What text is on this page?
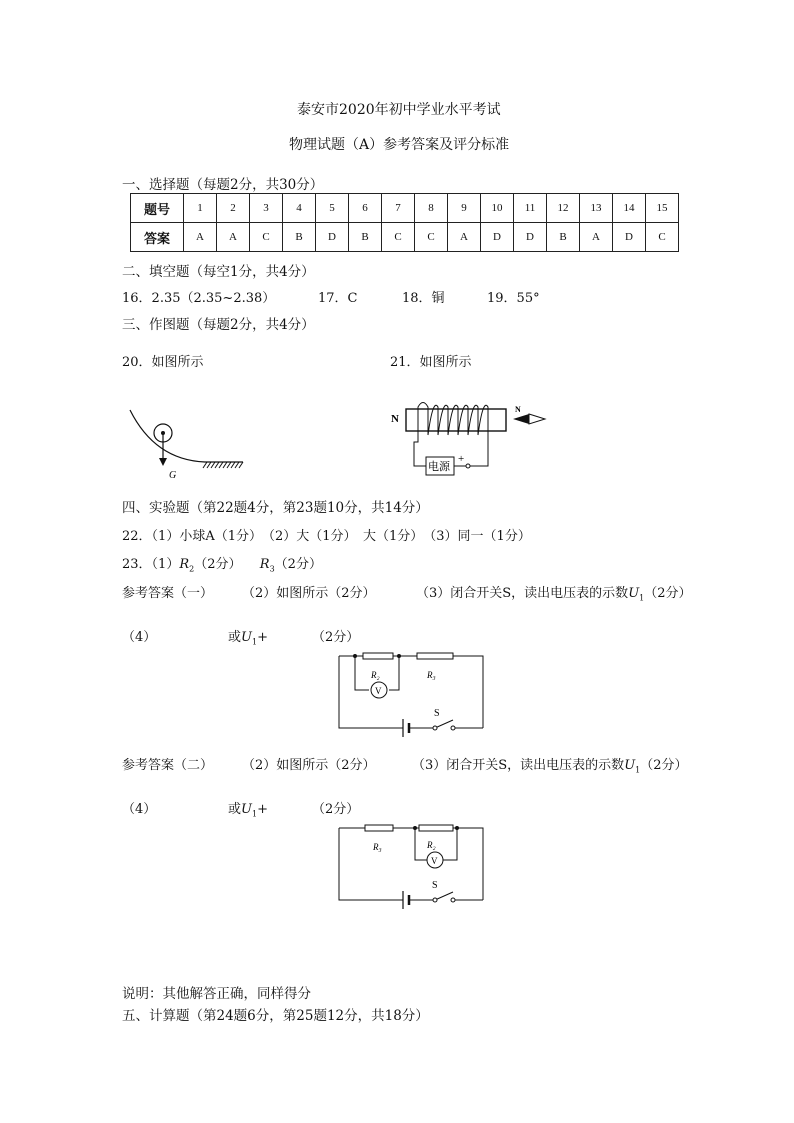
泰安市2020年初中学业水平考试
物理试题（A）参考答案及评分标准
一、选择题（每题2分，共30分）
题号	1	2	3	4	5	6	7	8	9	10	11	12	13	14	15
答案	A	A	C	B	D	B	C	C	A	D	D	B	A	D	C
二、填空题（每空1分，共4分）
16．2.35（2.35~2.38）	17．C	18．铜	19．55°
三、作图题（每题2分，共4分）
20．如图所示	21．如图所示
G
N
电源
+
N
四、实验题（第22题4分，第23题10分，共14分）
22．（1）小球A（1分）　（2）大（1分）　大（1分）　（3）同一（1分）
23．$(1)R_2(2$分） $R_3(2$分）
参考答案（一） （2）如图所示（2分）	（3）闭合开关S，读出电压表的示数$U_1(2$分）
（4）	或$U_1+$	（2分）
R₂	R₃
V
S
参考答案（二） （2）如图所示（2分）	（3）闭合开关S，读出电压表的示数$U_1(2$分）
（4）	或$U_1+$	（2分）
R₃	R₂
V
S
说明：其他解答正确，同样得分
五、计算题（第24题6分，第25题12分，共18分）
